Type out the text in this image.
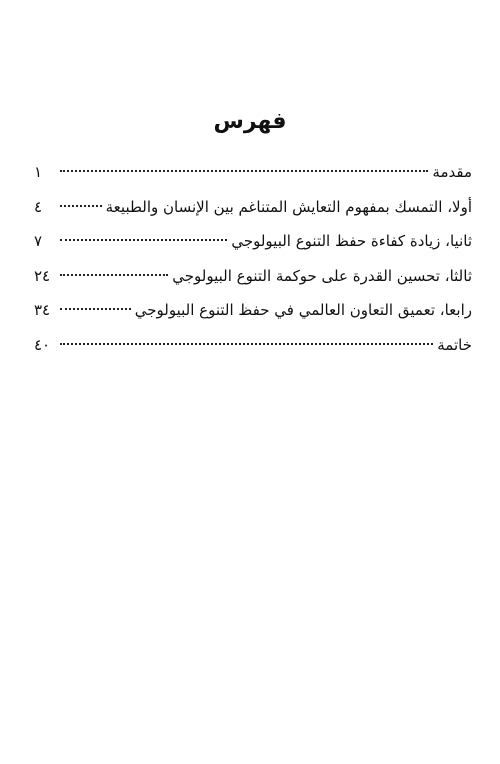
فهرس
مقدمة
١
أولا، التمسك بمفهوم التعايش المتناغم بين الإنسان والطبيعة
٤
ثانيا، زيادة كفاءة حفظ التنوع البيولوجي
٧
ثالثا، تحسين القدرة على حوكمة التنوع البيولوجي
٢٤
رابعا، تعميق التعاون العالمي في حفظ التنوع البيولوجي
٣٤
خاتمة
٤٠
